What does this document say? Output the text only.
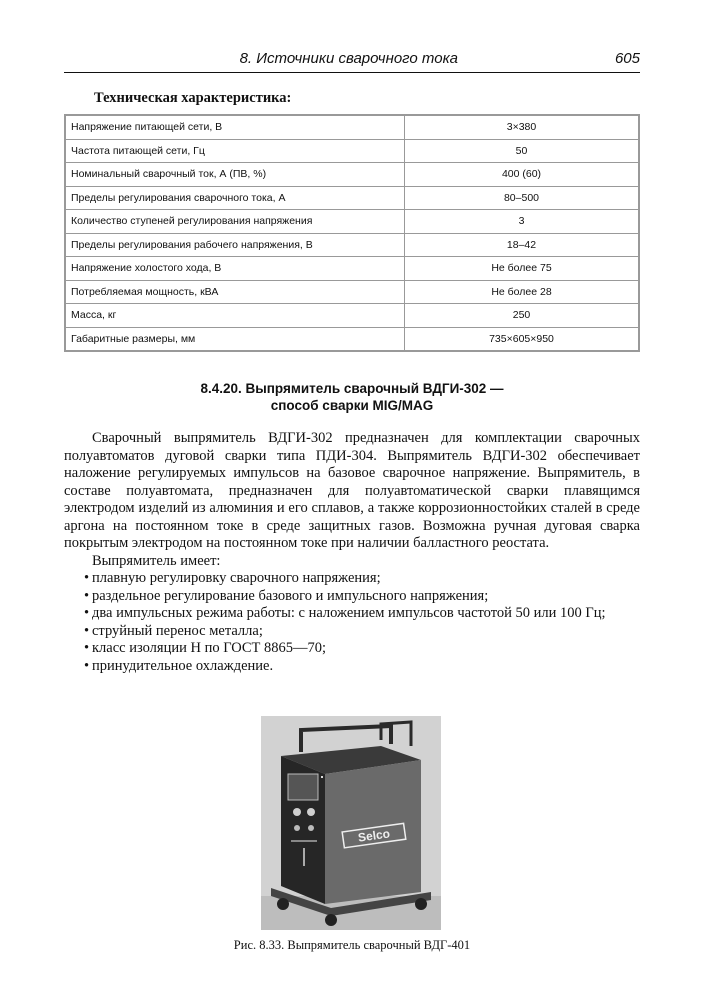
8. Источники сварочного тока	605
Техническая характеристика:
Напряжение питающей сети, В	3×380
Частота питающей сети, Гц	50
Номинальный сварочный ток, А (ПВ, %)	400 (60)
Пределы регулирования сварочного тока, А	80–500
Количество ступеней регулирования напряжения	3
Пределы регулирования рабочего напряжения, В	18–42
Напряжение холостого хода, В	Не более 75
Потребляемая мощность, кВА	Не более 28
Масса, кг	250
Габаритные размеры, мм	735×605×950
8.4.20. Выпрямитель сварочный ВДГИ-302 —
способ сварки MIG/MAG

Сварочный выпрямитель ВДГИ-302 предназначен для комплектации сварочных полуавтоматов дуговой сварки типа ПДИ-304. Выпрямитель ВДГИ-302 обеспечивает наложение регулируемых импульсов на базовое сварочное напряжение. Выпрямитель, в составе полуавтомата, предназначен для полуавтоматической сварки плавящимся электродом изделий из алюминия и его сплавов, а также коррозионностойких сталей в среде аргона на постоянном токе в среде защитных газов. Возможна ручная дуговая сварка покрытым электродом на постоянном токе при наличии балластного реостата.

Выпрямитель имеет:

• плавную регулировку сварочного напряжения;
• раздельное регулирование базового и импульсного напряжения;
• два импульсных режима работы: с наложением импульсов частотой 50 или 100 Гц;
• струйный перенос металла;
• класс изоляции Н по ГОСТ 8865—70;
• принудительное охлаждение.
Selco
Рис. 8.33. Выпрямитель сварочный ВДГ-401
